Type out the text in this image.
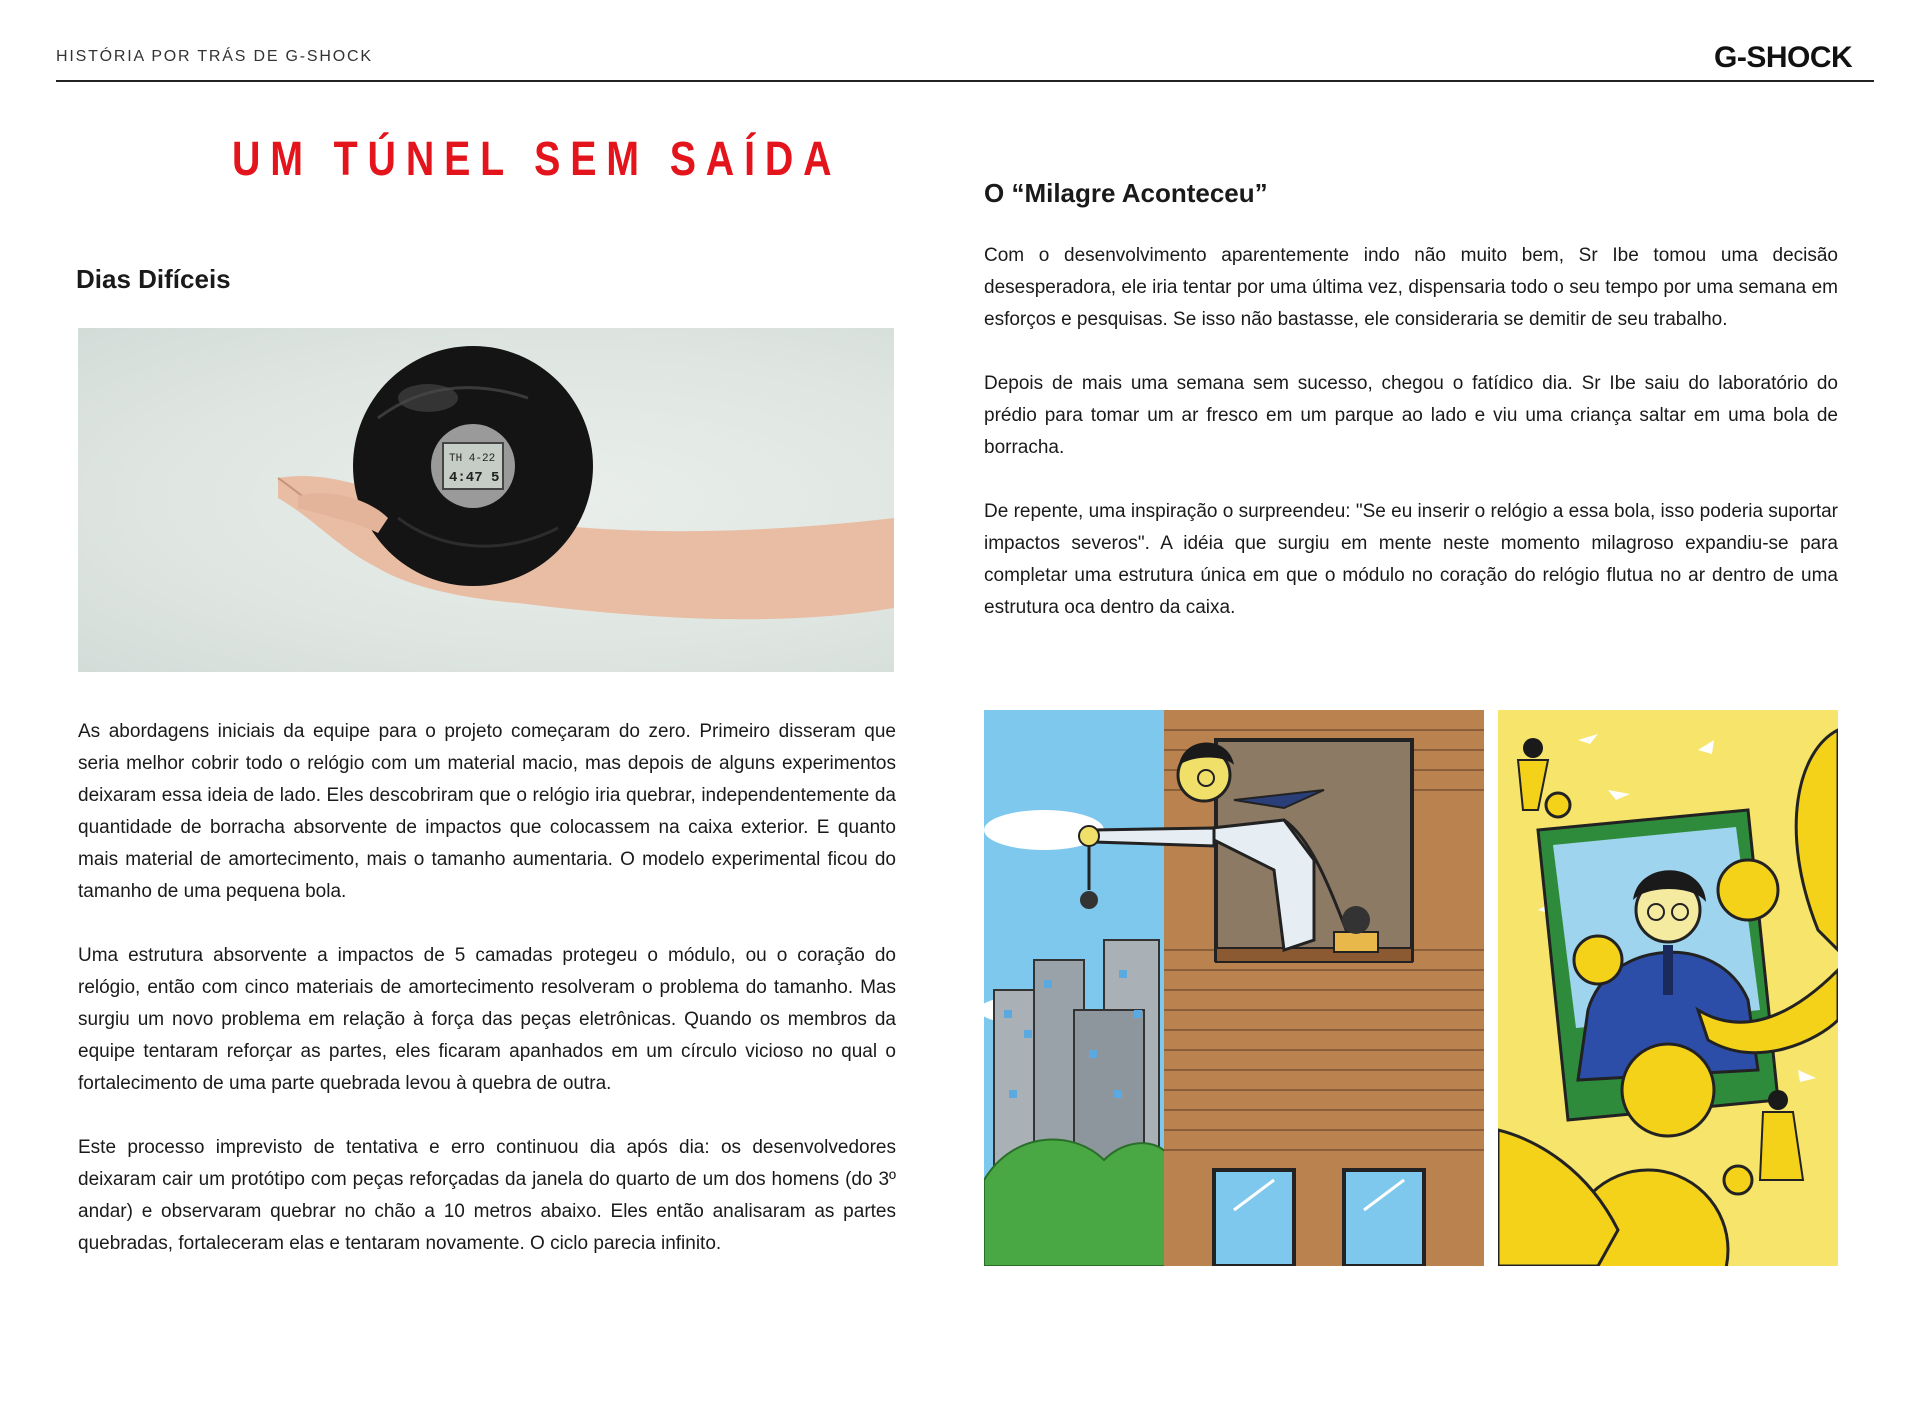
HISTÓRIA POR TRÁS DE G-SHOCK	G-SHOCK
UM TÚNEL SEM SAÍDA
Dias Difíceis
TH 4-22
4:47 5

As abordagens iniciais da equipe para o projeto começaram do zero. Primeiro disseram que seria melhor cobrir todo o relógio com um material macio, mas depois de alguns experimentos deixaram essa ideia de lado. Eles descobriram que o relógio iria quebrar, independentemente da quantidade de borracha absorvente de impactos que colocassem na caixa exterior. E quanto mais material de amortecimento, mais o tamanho aumentaria. O modelo experimental ficou do tamanho de uma pequena bola.

Uma estrutura absorvente a impactos de 5 camadas protegeu o módulo, ou o coração do relógio, então com cinco materiais de amortecimento resolveram o problema do tamanho. Mas surgiu um novo problema em relação à força das peças eletrônicas. Quando os membros da equipe tentaram reforçar as partes, eles ficaram apanhados em um círculo vicioso no qual o fortalecimento de uma parte quebrada levou à quebra de outra.

Este processo imprevisto de tentativa e erro continuou dia após dia: os desenvolvedores deixaram cair um protótipo com peças reforçadas da janela do quarto de um dos homens (do 3º andar) e observaram quebrar no chão a 10 metros abaixo. Eles então analisaram as partes quebradas, fortaleceram elas e tentaram novamente. O ciclo parecia infinito.

O “Milagre Aconteceu”

Com o desenvolvimento aparentemente indo não muito bem, Sr Ibe tomou uma decisão desesperadora, ele iria tentar por uma última vez, dispensaria todo o seu tempo por uma semana em esforços e pesquisas. Se isso não bastasse, ele consideraria se demitir de seu trabalho.

Depois de mais uma semana sem sucesso, chegou o fatídico dia. Sr Ibe saiu do laboratório do prédio para tomar um ar fresco em um parque ao lado e viu uma criança saltar em uma bola de borracha.

De repente, uma inspiração o surpreendeu: "Se eu inserir o relógio a essa bola, isso poderia suportar impactos severos". A idéia que surgiu em mente neste momento milagroso expandiu-se para completar uma estrutura única em que o módulo no coração do relógio flutua no ar dentro de uma estrutura oca dentro da caixa.
